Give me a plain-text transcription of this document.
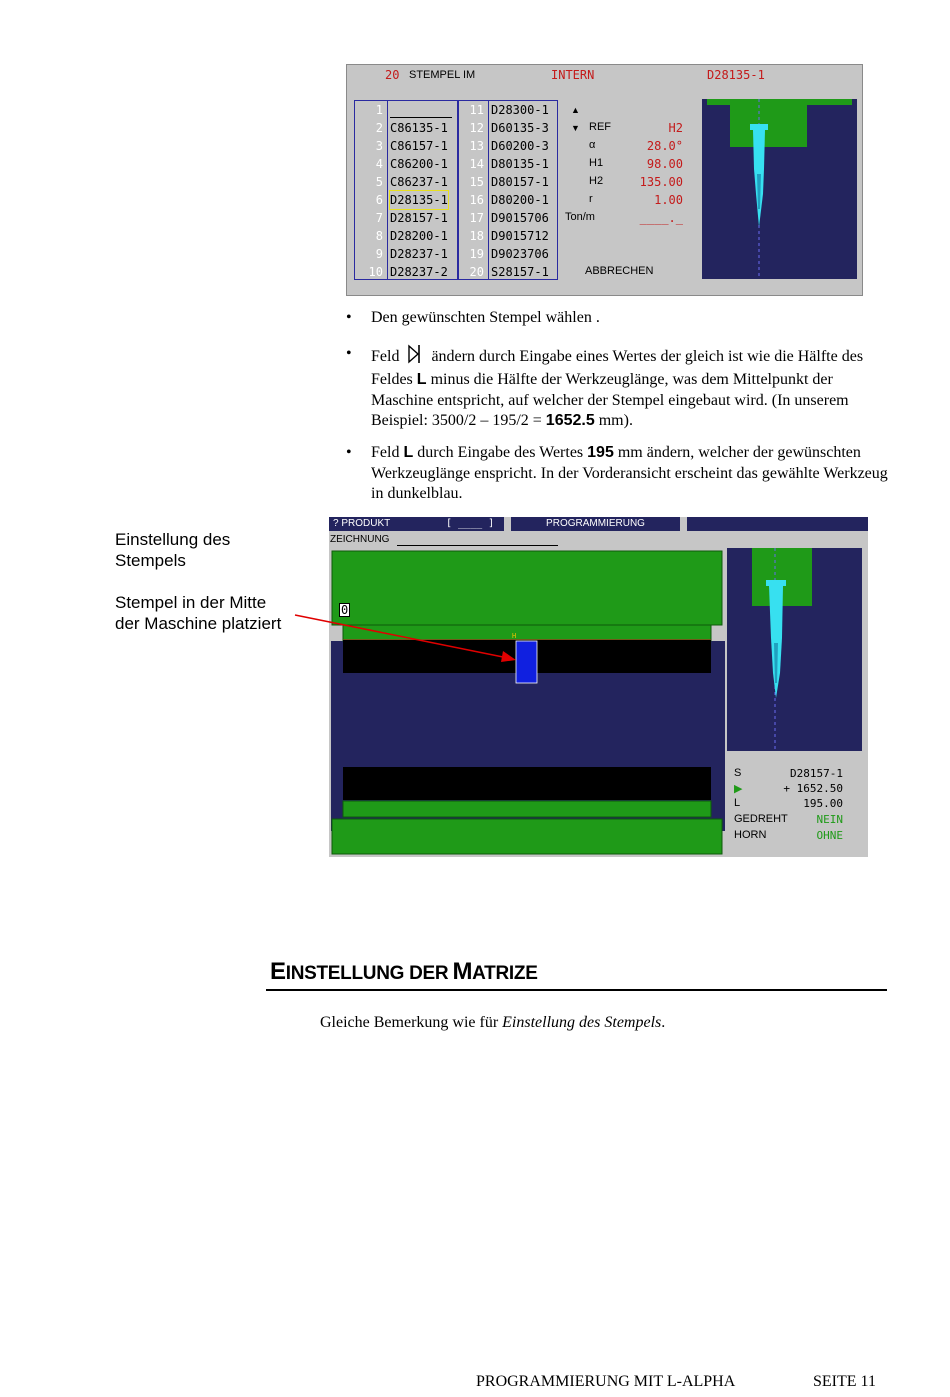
20 STEMPEL IM	INTERN	D28135-1
1
2 C86135-1
3 C86157-1
4 C86200-1
5 C86237-1
6 D28135-1
7 D28157-1
8 D28200-1
9 D28237-1
10 D28237-2
11 D28300-1
12 D60135-3
13 D60200-3
14 D80135-1
15 D80157-1
16 D80200-1
17 D9015706
18 D9015712
19 D9023706
20 S28157-1
▲
▼
ABBRECHEN
REF	H2
α	28.0°
H1	98.00
H2	135.00
r	1.00
Ton/m	____._
• Den gewünschten Stempel wählen .
• Feld ändern durch Eingabe eines Wertes der gleich ist wie die Hälfte des Feldes L minus die Hälfte der Werkzeuglänge, was dem Mittelpunkt der Maschine entspricht, auf welcher der Stempel eingebaut wird. (In unserem Beispiel: 3500/2 – 195/2 = 1652.5 mm).
• Feld L durch Eingabe des Wertes 195 mm ändern, welcher der gewünschten Werkzeuglänge enspricht. In der Vorderansicht erscheint das gewählte Werkzeug in dunkelblau.
Einstellung des
Stempels
Stempel in der Mitte
der Maschine platziert
? PRODUKT	[ ____ ]	PROGRAMMIERUNG
ZEICHNUNG
H
0
S	D28157-1
▶	+ 1652.50
L	195.00
GEDREHT	NEIN
HORN	OHNE
EINSTELLUNG DER MATRIZE
Gleiche Bemerkung wie für Einstellung des Stempels.
PROGRAMMIERUNG MIT L-ALPHA	SEITE 11
